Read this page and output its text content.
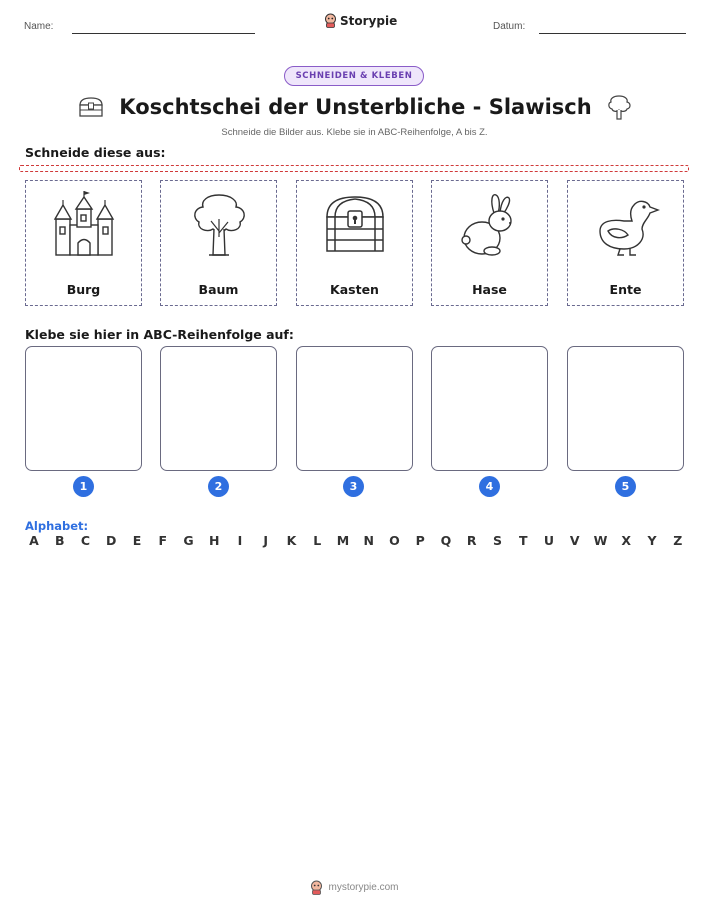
Name:	Storypie	Datum:
SCHNEIDEN & KLEBEN
Koschtschei der Unsterbliche - Slawisch
Schneide die Bilder aus. Klebe sie in ABC-Reihenfolge, A bis Z.
Schneide diese aus:
Burg	Baum	Kasten	Hase	Ente
Klebe sie hier in ABC-Reihenfolge auf:
1	2	3	4	5
Alphabet:
A B C D E F G H	I	J	K	L	M N O P Q R S T U V W X Y Z
mystorypie.com
